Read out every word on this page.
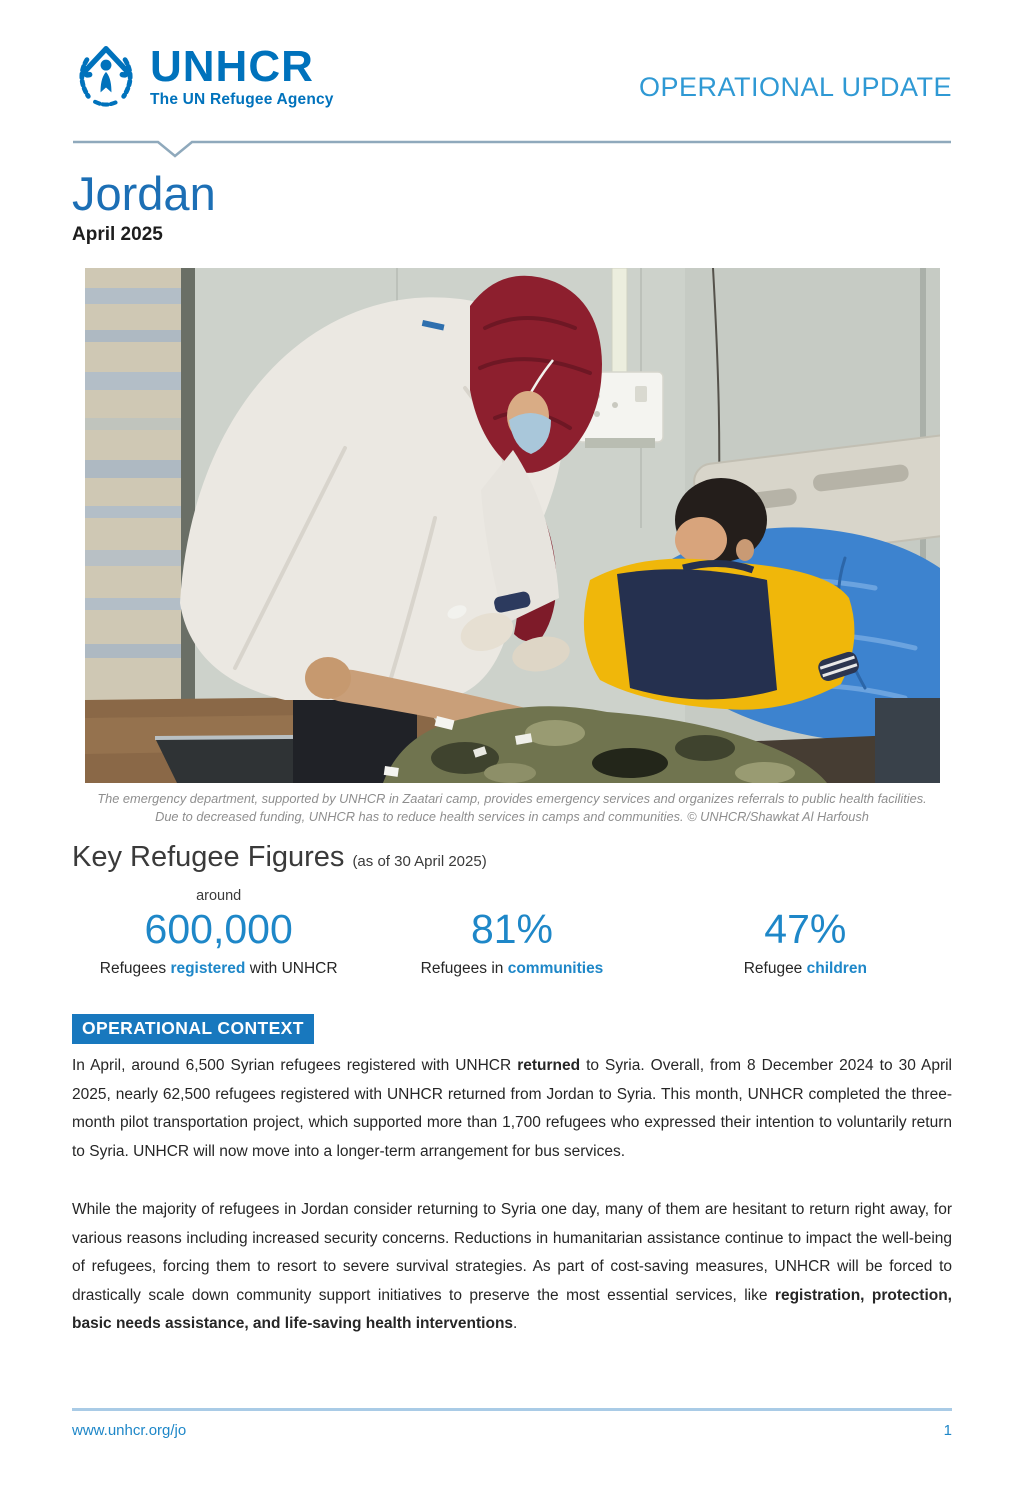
UNHCR
The UN Refugee Agency	OPERATIONAL UPDATE
Jordan
April 2025
The emergency department, supported by UNHCR in Zaatari camp, provides emergency services and organizes referrals to public health facilities. Due to decreased funding, UNHCR has to reduce health services in camps and communities. © UNHCR/Shawkat Al Harfoush
Key Refugee Figures (as of 30 April 2025)
around
600,000
Refugees registered with UNHCR
81%
Refugees in communities
47%
Refugee children
OPERATIONAL CONTEXT

In April, around 6,500 Syrian refugees registered with UNHCR returned to Syria. Overall, from 8 December 2024 to 30 April 2025, nearly 62,500 refugees registered with UNHCR returned from Jordan to Syria. This month, UNHCR completed the three-month pilot transportation project, which supported more than 1,700 refugees who expressed their intention to voluntarily return to Syria. UNHCR will now move into a longer-term arrangement for bus services.

While the majority of refugees in Jordan consider returning to Syria one day, many of them are hesitant to return right away, for various reasons including increased security concerns. Reductions in humanitarian assistance continue to impact the well-being of refugees, forcing them to resort to severe survival strategies. As part of cost-saving measures, UNHCR will be forced to drastically scale down community support initiatives to preserve the most essential services, like registration, protection, basic needs assistance, and life-saving health interventions.

www.unhcr.org/jo	1
